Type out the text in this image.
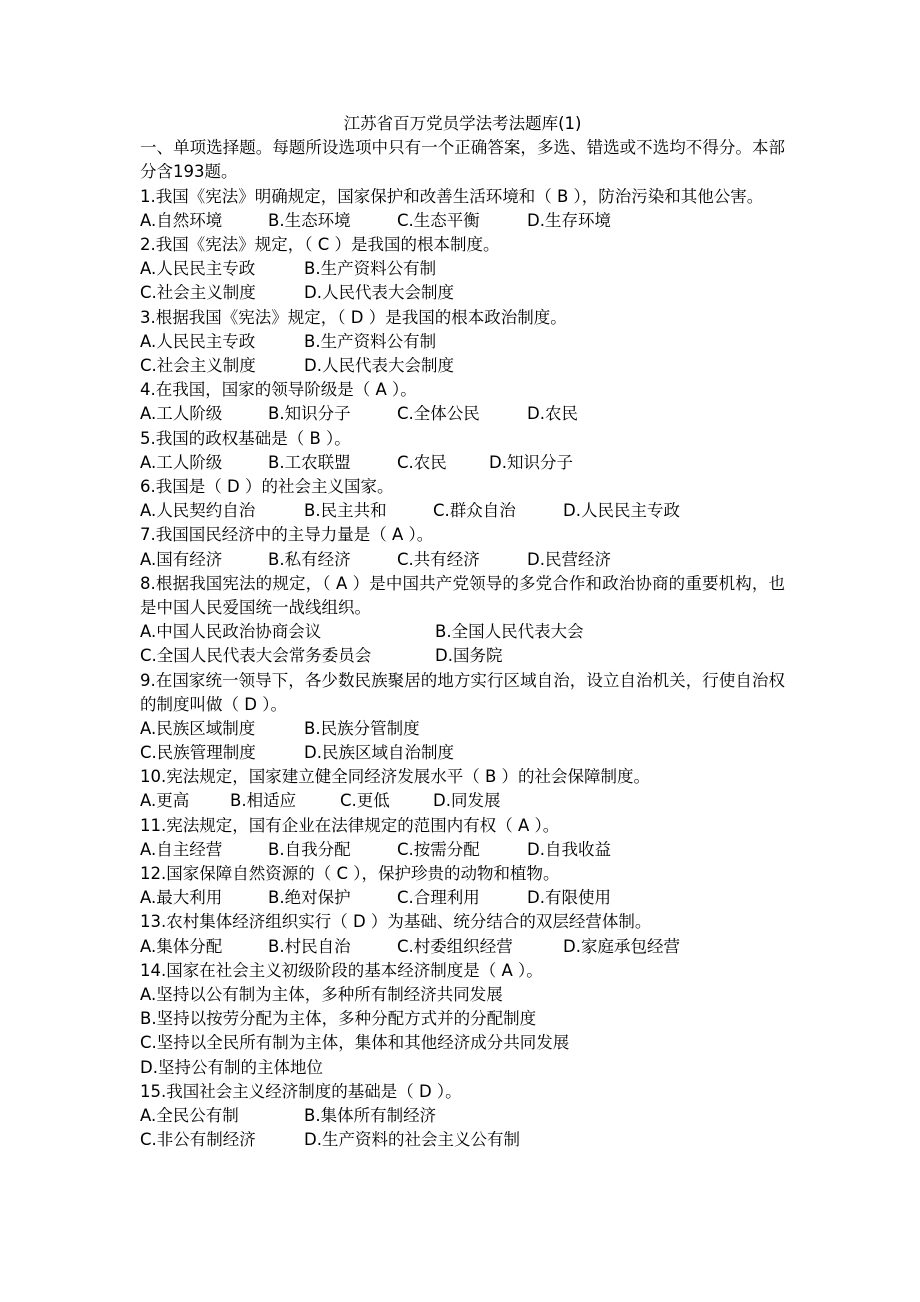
江苏省百万党员学法考法题库(1)

一、单项选择题。每题所设选项中只有一个正确答案，多选、错选或不选均不得分。本部分含193题。

1.我国《宪法》明确规定，国家保护和改善生活环境和（ B ），防治污染和其他公害。

A.自然环境	B.生态环境	C.生态平衡	D.生存环境

2.我国《宪法》规定，（ C ）是我国的根本制度。

A.人民民主专政	B.生产资料公有制
C.社会主义制度	D.人民代表大会制度

3.根据我国《宪法》规定，（ D ）是我国的根本政治制度。

A.人民民主专政	B.生产资料公有制
C.社会主义制度	D.人民代表大会制度

4.在我国，国家的领导阶级是（ A ）。

A.工人阶级	B.知识分子	C.全体公民	D.农民

5.我国的政权基础是（ B ）。

A.工人阶级	B.工农联盟	C.农民	D.知识分子

6.我国是（ D ）的社会主义国家。

A.人民契约自治	B.民主共和	C.群众自治	D.人民民主专政

7.我国国民经济中的主导力量是（ A ）。

A.国有经济	B.私有经济	C.共有经济	D.民营经济

8.根据我国宪法的规定，（ A ）是中国共产党领导的多党合作和政治协商的重要机构，也是中国人民爱国统一战线组织。

A.中国人民政治协商会议	B.全国人民代表大会
C.全国人民代表大会常务委员会	D.国务院

9.在国家统一领导下，各少数民族聚居的地方实行区域自治，设立自治机关，行使自治权的制度叫做（ D ）。

A.民族区域制度	B.民族分管制度
C.民族管理制度	D.民族区域自治制度

10.宪法规定，国家建立健全同经济发展水平（ B ）的社会保障制度。

A.更高 B.相适应	C.更低	D.同发展

11.宪法规定，国有企业在法律规定的范围内有权（ A ）。

A.自主经营	B.自我分配	C.按需分配	D.自我收益

12.国家保障自然资源的（ C ），保护珍贵的动物和植物。

A.最大利用	B.绝对保护	C.合理利用	D.有限使用

13.农村集体经济组织实行（ D ）为基础、统分结合的双层经营体制。

A.集体分配	B.村民自治	C.村委组织经营	D.家庭承包经营

14.国家在社会主义初级阶段的基本经济制度是（ A ）。

A.坚持以公有制为主体，多种所有制经济共同发展
B.坚持以按劳分配为主体，多种分配方式并的分配制度
C.坚持以全民所有制为主体，集体和其他经济成分共同发展
D.坚持公有制的主体地位

15.我国社会主义经济制度的基础是（ D ）。

A.全民公有制	B.集体所有制经济
C.非公有制经济	D.生产资料的社会主义公有制
